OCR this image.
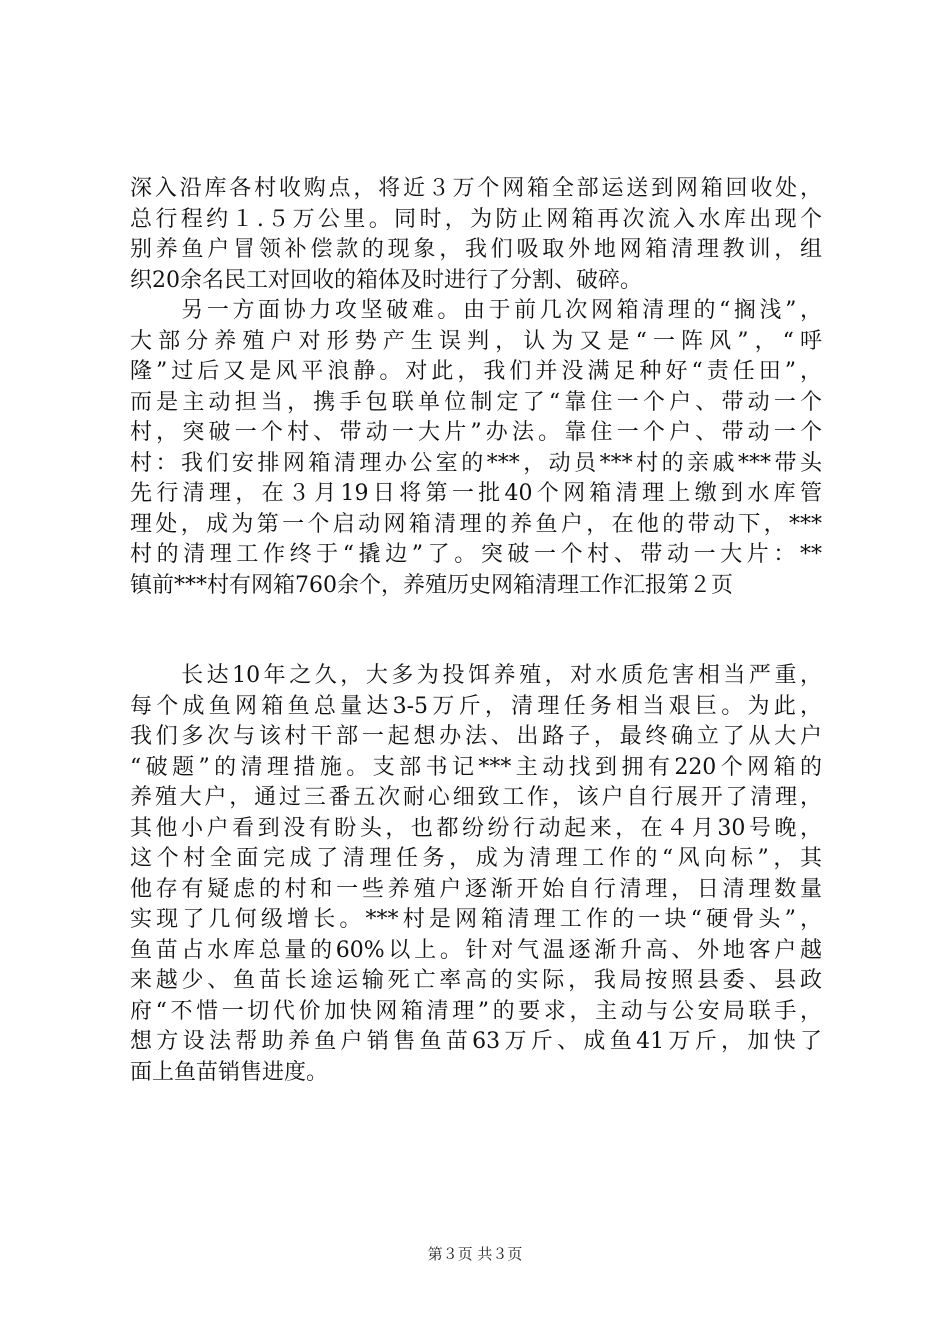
深入沿库各村收购点，将近３万个网箱全部运送到网箱回收处，
总行程约１.５万公里。同时，为防止网箱再次流入水库出现个
别养鱼户冒领补偿款的现象，我们吸取外地网箱清理教训，组
织20余名民工对回收的箱体及时进行了分割、破碎。
　　另一方面协力攻坚破难。由于前几次网箱清理的“搁浅”，
大部分养殖户对形势产生误判，认为又是“一阵风”，“呼
隆”过后又是风平浪静。对此，我们并没满足种好“责任田”，
而是主动担当，携手包联单位制定了“靠住一个户、带动一个
村，突破一个村、带动一大片”办法。靠住一个户、带动一个
村：我们安排网箱清理办公室的***，动员***村的亲戚***带头
先行清理，在３月19日将第一批40个网箱清理上缴到水库管
理处，成为第一个启动网箱清理的养鱼户，在他的带动下，***
村的清理工作终于“撬边”了。突破一个村、带动一大片：**
镇前***村有网箱760余个，养殖历史网箱清理工作汇报第２页
　　长达10年之久，大多为投饵养殖，对水质危害相当严重，
每个成鱼网箱鱼总量达3-5万斤，清理任务相当艰巨。为此，
我们多次与该村干部一起想办法、出路子，最终确立了从大户
“破题”的清理措施。支部书记***主动找到拥有220个网箱的
养殖大户，通过三番五次耐心细致工作，该户自行展开了清理，
其他小户看到没有盼头，也都纷纷行动起来，在４月30号晚，
这个村全面完成了清理任务，成为清理工作的“风向标”，其
他存有疑虑的村和一些养殖户逐渐开始自行清理，日清理数量
实现了几何级增长。***村是网箱清理工作的一块“硬骨头”，
鱼苗占水库总量的60%以上。针对气温逐渐升高、外地客户越
来越少、鱼苗长途运输死亡率高的实际，我局按照县委、县政
府“不惜一切代价加快网箱清理”的要求，主动与公安局联手，
想方设法帮助养鱼户销售鱼苗63万斤、成鱼41万斤，加快了
面上鱼苗销售进度。
第３页 共３页
